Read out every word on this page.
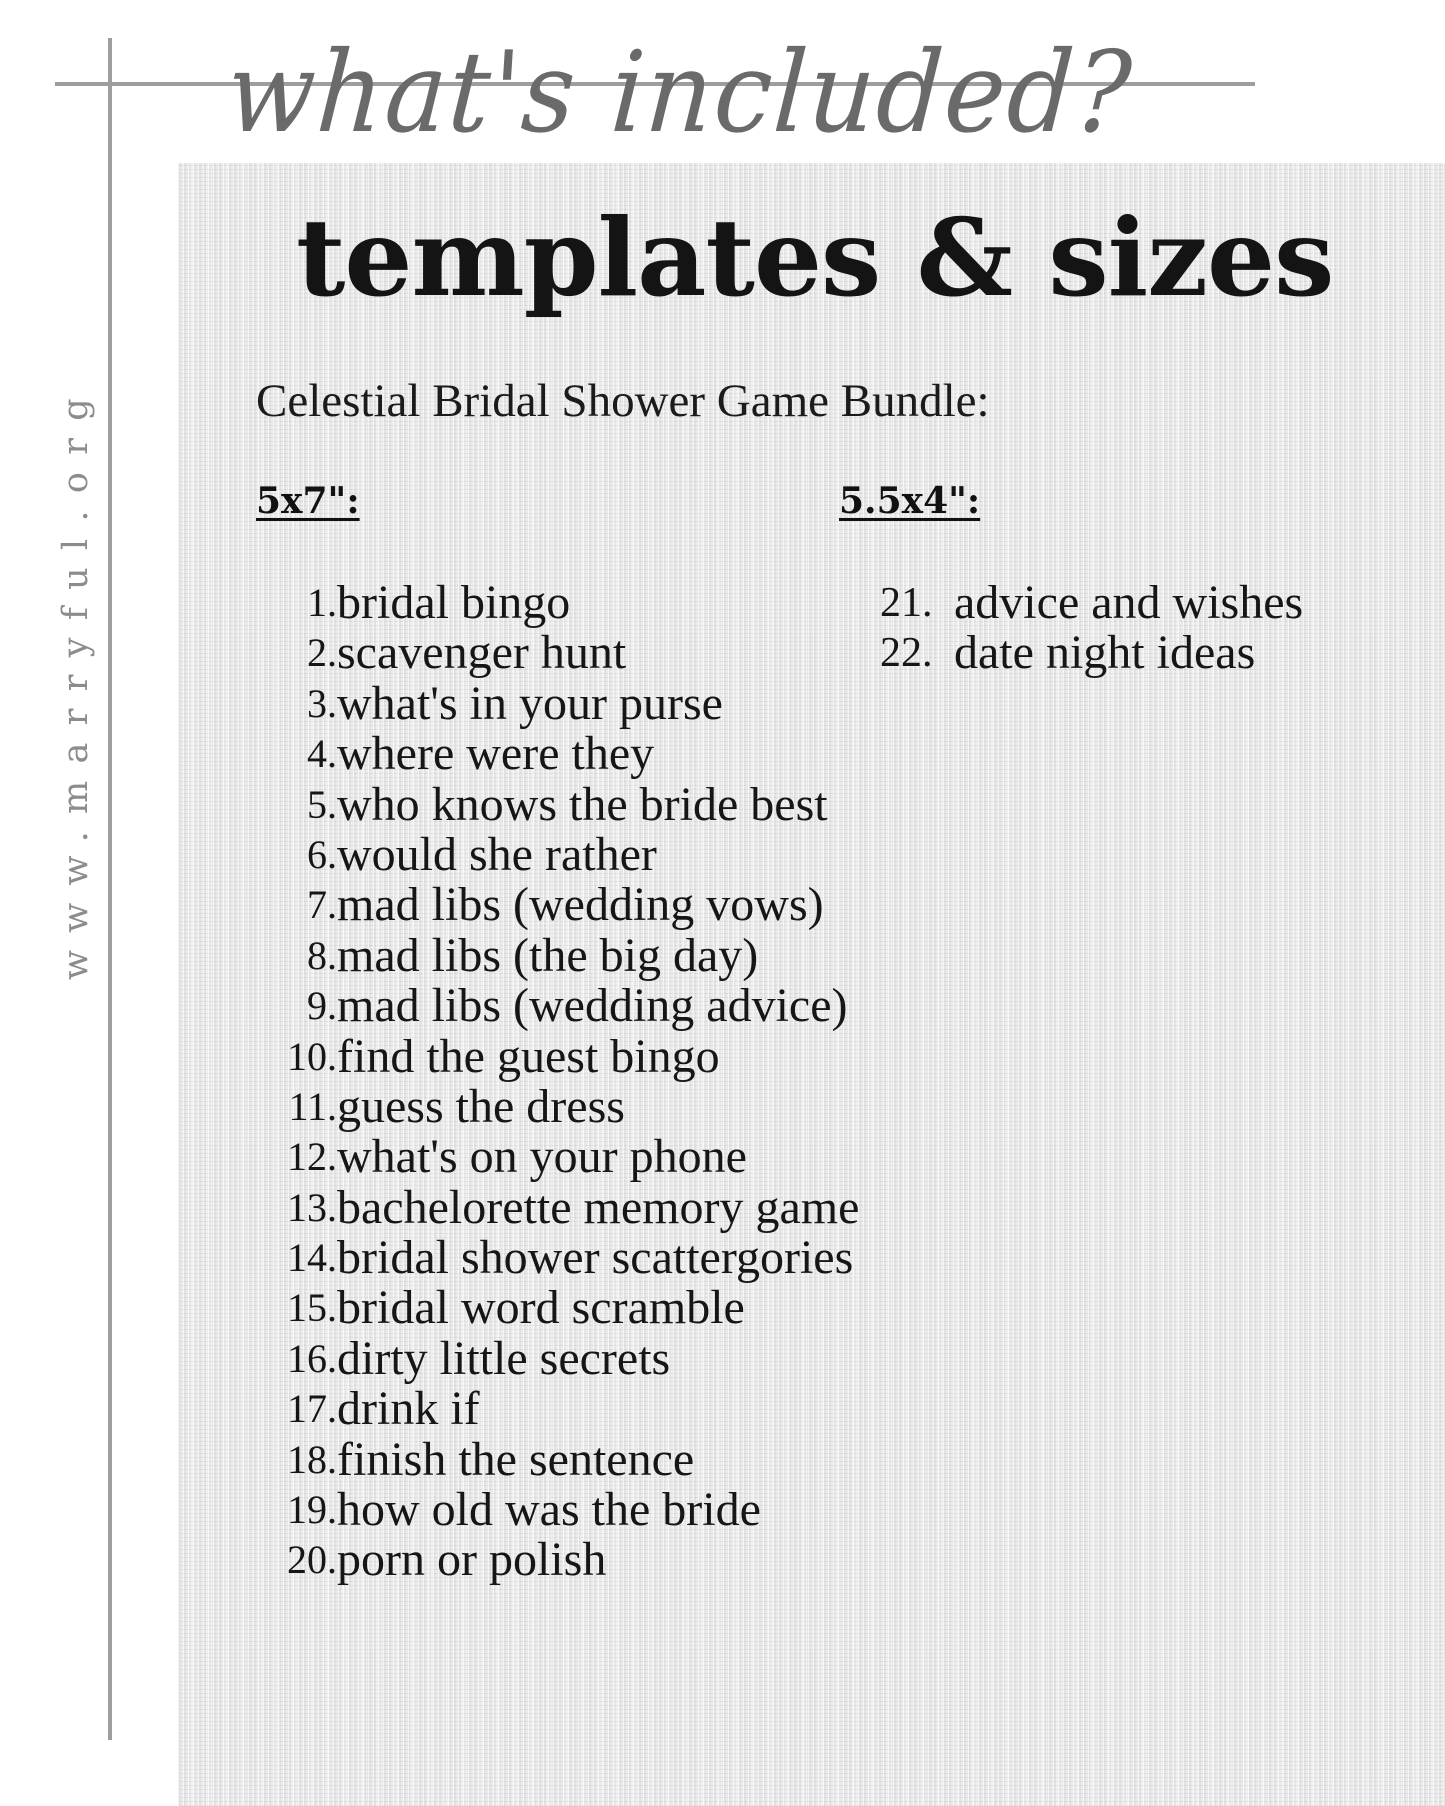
www.marryful.org
what's included?
templates & sizes
Celestial Bridal Shower Game Bundle:
5x7":	5.5x4":
1. bridal bingo
2. scavenger hunt
3. what's in your purse
4. where were they
5. who knows the bride best
6. would she rather
7. mad libs (wedding vows)
8. mad libs (the big day)
9. mad libs (wedding advice)
10. find the guest bingo
11. guess the dress
12. what's on your phone
13. bachelorette memory game
14. bridal shower scattergories
15. bridal word scramble
16. dirty little secrets
17. drink if
18. finish the sentence
19. how old was the bride
20. porn or polish
21. advice and wishes
22. date night ideas
